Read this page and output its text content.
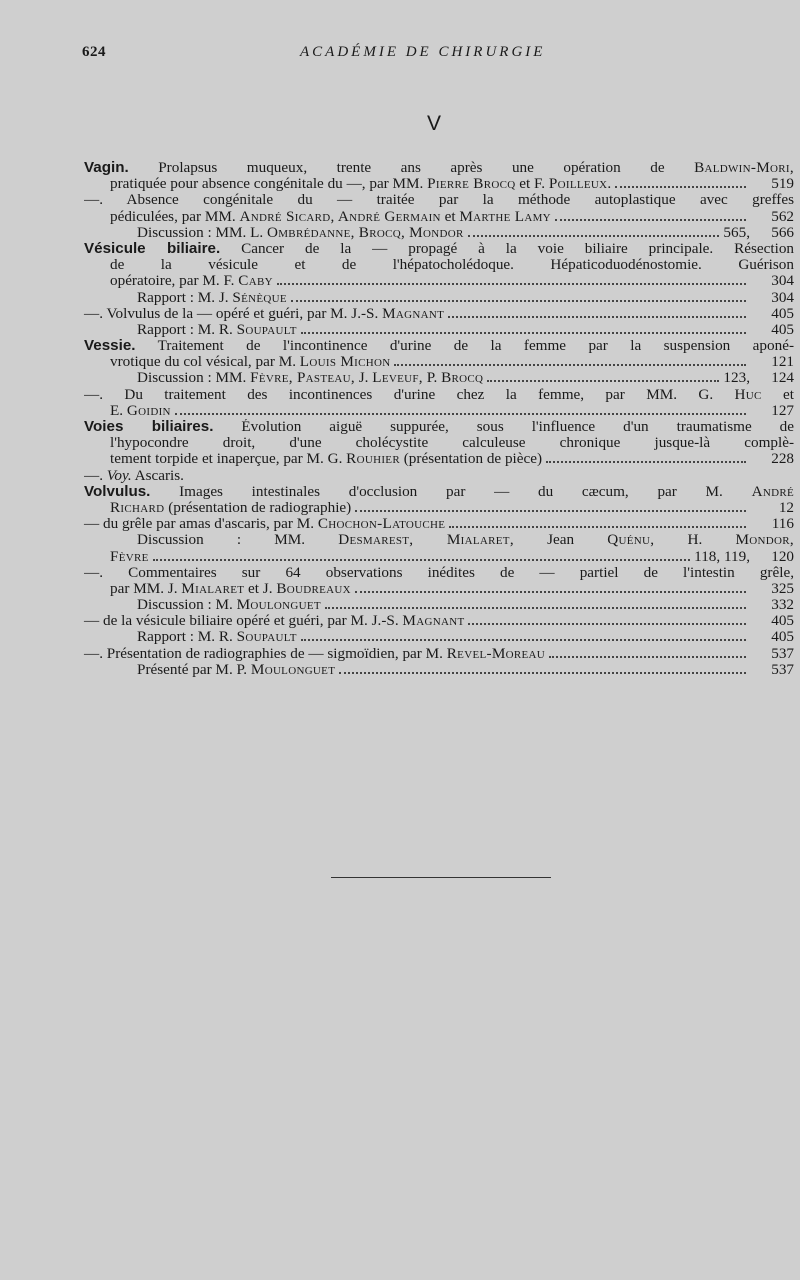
624	ACADÉMIE DE CHIRURGIE
V
Vagin. Prolapsus muqueux, trente ans après une opération de Baldwin-Mori,
pratiquée pour absence congénitale du —, par MM. Pierre Brocq et F. Poilleux.	519
—. Absence congénitale du — traitée par la méthode autoplastique avec greffes
pédiculées, par MM. André Sicard, André Germain et Marthe Lamy	562
Discussion : MM. L. Ombrédanne, Brocq, Mondor	565, 566
Vésicule biliaire. Cancer de la — propagé à la voie biliaire principale. Résection
de la vésicule et de l'hépatocholédoque. Hépaticoduodénostomie. Guérison
opératoire, par M. F. Caby	304
Rapport : M. J. Sénèque	304
—. Volvulus de la — opéré et guéri, par M. J.-S. Magnant	405
Rapport : M. R. Soupault	405
Vessie. Traitement de l'incontinence d'urine de la femme par la suspension aponé-
vrotique du col vésical, par M. Louis Michon	121
Discussion : MM. Fèvre, Pasteau, J. Leveuf, P. Brocq	123, 124
—. Du traitement des incontinences d'urine chez la femme, par MM. G. Huc et
E. Goidin	127
Voies biliaires. Évolution aiguë suppurée, sous l'influence d'un traumatisme de
l'hypocondre droit, d'une cholécystite calculeuse chronique jusque-là complè-
tement torpide et inaperçue, par M. G. Rouhier (présentation de pièce)	228
—. Voy. Ascaris.
Volvulus. Images intestinales d'occlusion par — du cæcum, par M. André
Richard (présentation de radiographie)	12
— du grêle par amas d'ascaris, par M. Chochon-Latouche	116
Discussion : MM. Desmarest, Mialaret, Jean Quénu, H. Mondor,
Fèvre	118, 119, 120
—. Commentaires sur 64 observations inédites de — partiel de l'intestin grêle,
par MM. J. Mialaret et J. Boudreaux	325
Discussion : M. Moulonguet	332
— de la vésicule biliaire opéré et guéri, par M. J.-S. Magnant	405
Rapport : M. R. Soupault	405
—. Présentation de radiographies de — sigmoïdien, par M. Revel-Moreau	537
Présenté par M. P. Moulonguet	537
